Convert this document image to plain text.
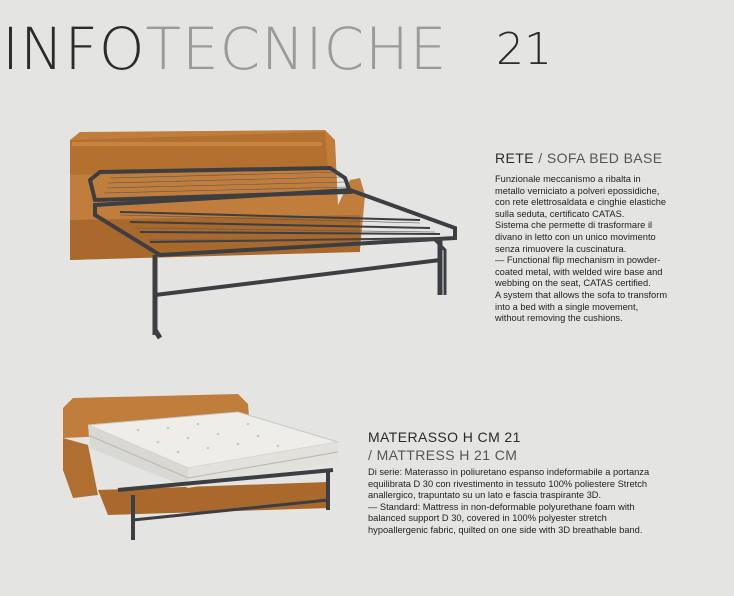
INFOTECNICHE 21
RETE / SOFA BED BASE

Funzionale meccanismo a ribalta in

metallo verniciato a polveri epossidiche,

con rete elettrosaldata e cinghie elastiche

sulla seduta, certificato CATAS.

Sistema che permette di trasformare il

divano in letto con un unico movimento

senza rimuovere la cuscinatura.

— Functional flip mechanism in powder-

coated metal, with welded wire base and

webbing on the seat, CATAS certified.

A system that allows the sofa to transform

into a bed with a single movement,

without removing the cushions.

MATERASSO H CM 21
/ MATTRESS H 21 CM

Di serie: Materasso in poliuretano espanso indeformabile a portanza

equilibrata D 30 con rivestimento in tessuto 100% poliestere Stretch

anallergico, trapuntato su un lato e fascia traspirante 3D.

— Standard: Mattress in non-deformable polyurethane foam with

balanced support D 30, covered in 100% polyester stretch

hypoallergenic fabric, quilted on one side with 3D breathable band.
